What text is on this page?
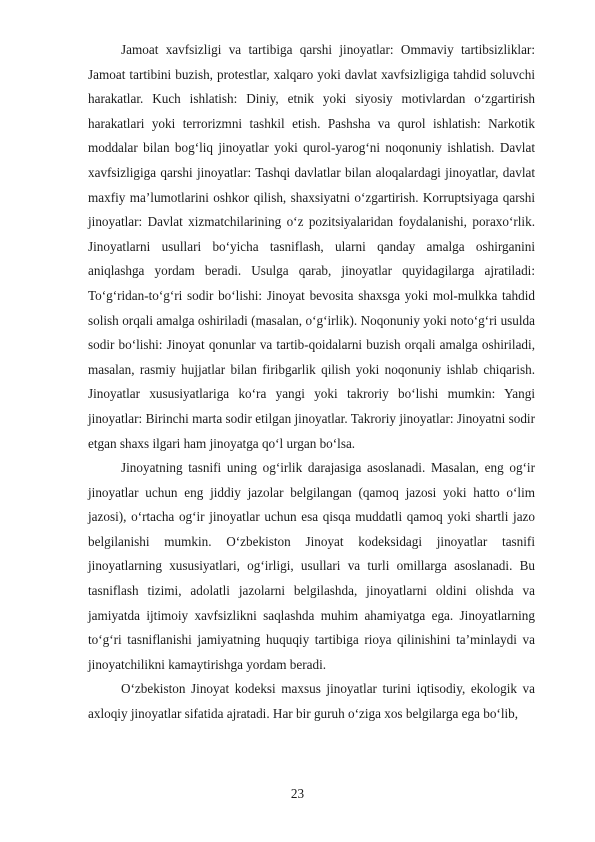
Jamoat xavfsizligi va tartibiga qarshi jinoyatlar: Ommaviy tartibsizliklar: Jamoat tartibini buzish, protestlar, xalqaro yoki davlat xavfsizligiga tahdid soluvchi harakatlar. Kuch ishlatish: Diniy, etnik yoki siyosiy motivlardan o‘zgartirish harakatlari yoki terrorizmni tashkil etish. Pashsha va qurol ishlatish: Narkotik moddalar bilan bog‘liq jinoyatlar yoki qurol-yarog‘ni noqonuniy ishlatish. Davlat xavfsizligiga qarshi jinoyatlar: Tashqi davlatlar bilan aloqalardagi jinoyatlar, davlat maxfiy ma’lumotlarini oshkor qilish, shaxsiyatni o‘zgartirish. Korruptsiyaga qarshi jinoyatlar: Davlat xizmatchilarining o‘z pozitsiyalaridan foydalanishi, poraxo‘rlik. Jinoyatlarni usullari bo‘yicha tasniflash, ularni qanday amalga oshirganini aniqlashga yordam beradi. Usulga qarab, jinoyatlar quyidagilarga ajratiladi: To‘g‘ridan-to‘g‘ri sodir bo‘lishi: Jinoyat bevosita shaxsga yoki mol-mulkka tahdid solish orqali amalga oshiriladi (masalan, o‘g‘irlik). Noqonuniy yoki noto‘g‘ri usulda sodir bo‘lishi: Jinoyat qonunlar va tartib-qoidalarni buzish orqali amalga oshiriladi, masalan, rasmiy hujjatlar bilan firibgarlik qilish yoki noqonuniy ishlab chiqarish. Jinoyatlar xususiyatlariga ko‘ra yangi yoki takroriy bo‘lishi mumkin: Yangi jinoyatlar: Birinchi marta sodir etilgan jinoyatlar. Takroriy jinoyatlar: Jinoyatni sodir etgan shaxs ilgari ham jinoyatga qo‘l urgan bo‘lsa.

Jinoyatning tasnifi uning og‘irlik darajasiga asoslanadi. Masalan, eng og‘ir jinoyatlar uchun eng jiddiy jazolar belgilangan (qamoq jazosi yoki hatto o‘lim jazosi), o‘rtacha og‘ir jinoyatlar uchun esa qisqa muddatli qamoq yoki shartli jazo belgilanishi mumkin. O‘zbekiston Jinoyat kodeksidagi jinoyatlar tasnifi jinoyatlarning xususiyatlari, og‘irligi, usullari va turli omillarga asoslanadi. Bu tasniflash tizimi, adolatli jazolarni belgilashda, jinoyatlarni oldini olishda va jamiyatda ijtimoiy xavfsizlikni saqlashda muhim ahamiyatga ega. Jinoyatlarning to‘g‘ri tasniflanishi jamiyatning huquqiy tartibiga rioya qilinishini ta’minlaydi va jinoyatchilikni kamaytirishga yordam beradi.

O‘zbekiston Jinoyat kodeksi maxsus jinoyatlar turini iqtisodiy, ekologik va axloqiy jinoyatlar sifatida ajratadi. Har bir guruh o‘ziga xos belgilarga ega bo‘lib,

23
